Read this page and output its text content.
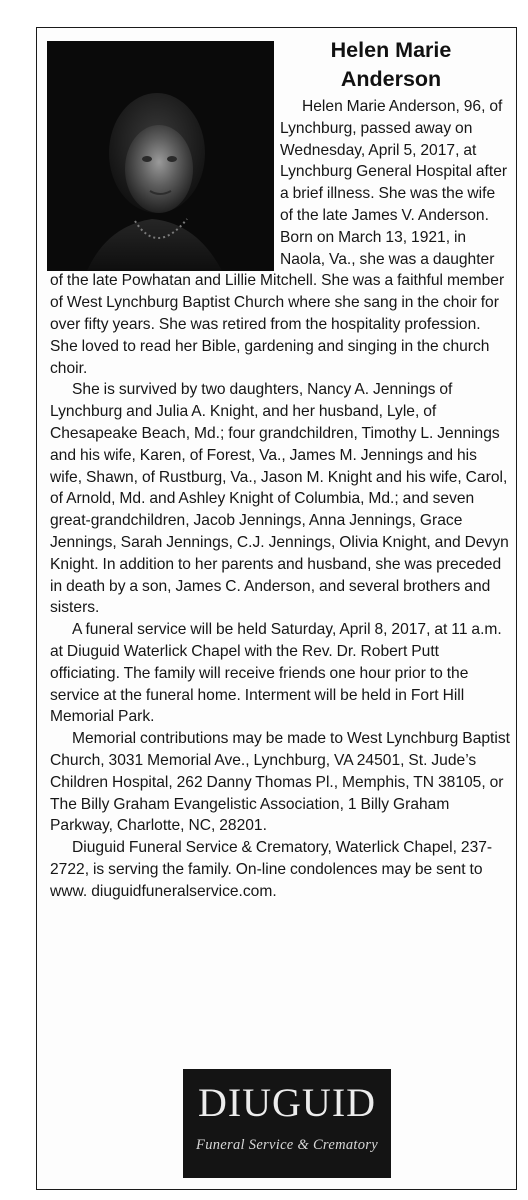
Helen Marie
Anderson

Helen Marie Anderson, 96, of Lynchburg, passed away on Wednesday, April 5, 2017, at Lynchburg General Hospital after a brief illness. She was the wife of the late James V. Anderson. Born on March 13, 1921, in Naola, Va., she was a daughter of the late Powhatan and Lillie Mitchell. She was a faithful member of West Lynchburg Baptist Church where she sang in the choir for over fifty years. She was retired from the hospitality profession. She loved to read her Bible, gardening and singing in the church choir.

She is survived by two daughters, Nancy A. Jennings of Lynchburg and Julia A. Knight, and her husband, Lyle, of Chesapeake Beach, Md.; four grandchildren, Timothy L. Jennings and his wife, Karen, of Forest, Va., James M. Jennings and his wife, Shawn, of Rustburg, Va., Jason M. Knight and his wife, Carol, of Arnold, Md. and Ashley Knight of Columbia, Md.; and seven great-grandchildren, Jacob Jennings, Anna Jennings, Grace Jennings, Sarah Jennings, C.J. Jennings, Olivia Knight, and Devyn Knight. In addition to her parents and husband, she was preceded in death by a son, James C. Anderson, and several brothers and sisters.

A funeral service will be held Saturday, April 8, 2017, at 11 a.m. at Diuguid Waterlick Chapel with the Rev. Dr. Robert Putt officiating. The family will receive friends one hour prior to the service at the funeral home. Interment will be held in Fort Hill Memorial Park.

Memorial contributions may be made to West Lynchburg Baptist Church, 3031 Memorial Ave., Lynchburg, VA 24501, St. Jude’s Children Hospital, 262 Danny Thomas Pl., Memphis, TN 38105, or The Billy Graham Evangelistic Association, 1 Billy Graham Parkway, Charlotte, NC, 28201.

Diuguid Funeral Service & Crematory, Waterlick Chapel, 237-2722, is serving the family. On-line condolences may be sent to www. diuguidfuneralservice.com.

DIUGUID
Funeral Service & Crematory
